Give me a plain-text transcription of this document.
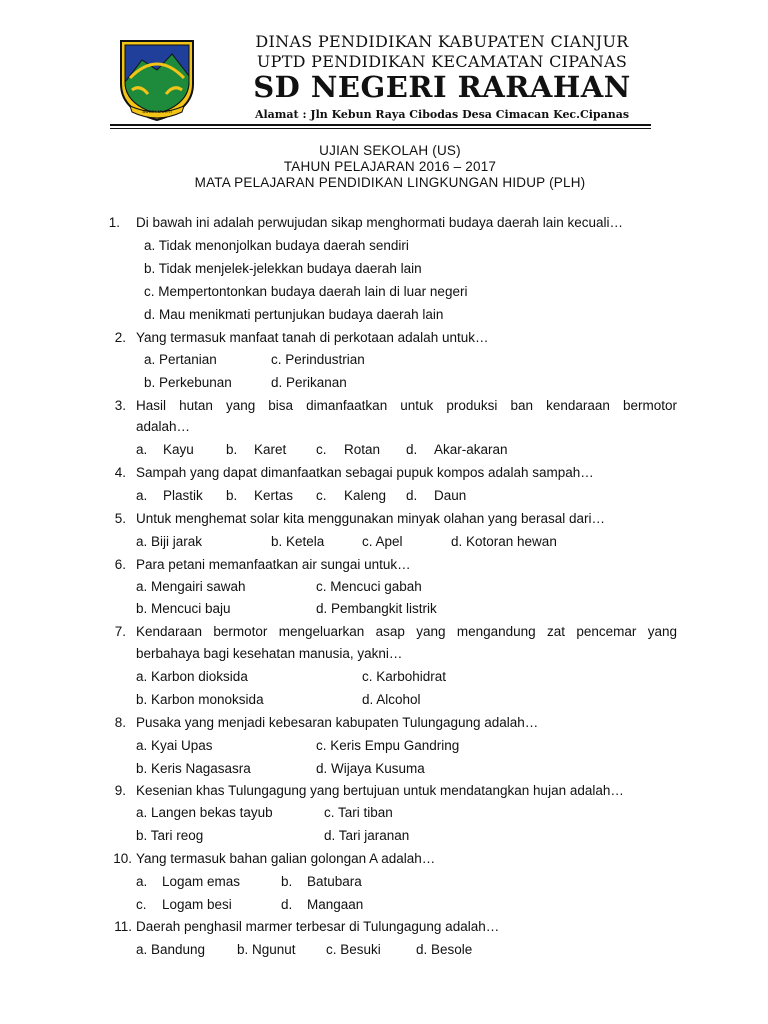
SUGIH MUKTI
DINAS PENDIDIKAN KABUPATEN CIANJUR
UPTD PENDIDIKAN KECAMATAN CIPANAS
SD NEGERI RARAHAN
Alamat : Jln Kebun Raya Cibodas Desa Cimacan Kec.Cipanas
UJIAN SEKOLAH (US)
TAHUN PELAJARAN 2016 – 2017
MATA PELAJARAN PENDIDIKAN LINGKUNGAN HIDUP (PLH)
1. Di bawah ini adalah perwujudan sikap menghormati budaya daerah lain kecuali…
a. Tidak menonjolkan budaya daerah sendiri
b. Tidak menjelek-jelekkan budaya daerah lain
c. Mempertontonkan budaya daerah lain di luar negeri
d. Mau menikmati pertunjukan budaya daerah lain
2. Yang termasuk manfaat tanah di perkotaan adalah untuk…
a. Pertanian	c. Perindustrian
b. Perkebunan	d. Perikanan
3. Hasil hutan yang bisa dimanfaatkan untuk produksi ban kendaraan bermotor
adalah…
a. Kayu b. Karet c. Rotan d. Akar-akaran
4. Sampah yang dapat dimanfaatkan sebagai pupuk kompos adalah sampah…
a. Plastik b. Kertas c. Kaleng d. Daun
5. Untuk menghemat solar kita menggunakan minyak olahan yang berasal dari…
a. Biji jarak	b. Ketela	c. Apel	d. Kotoran hewan
6. Para petani memanfaatkan air sungai untuk…
a. Mengairi sawah	c. Mencuci gabah
b. Mencuci baju	d. Pembangkit listrik
7. Kendaraan bermotor mengeluarkan asap yang mengandung zat pencemar yang
berbahaya bagi kesehatan manusia, yakni…
a. Karbon dioksida	c. Karbohidrat
b. Karbon monoksida	d. Alcohol
8. Pusaka yang menjadi kebesaran kabupaten Tulungagung adalah…
a. Kyai Upas	c. Keris Empu Gandring
b. Keris Nagasasra	d. Wijaya Kusuma
9. Kesenian khas Tulungagung yang bertujuan untuk mendatangkan hujan adalah…
a. Langen bekas tayub	c. Tari tiban
b. Tari reog	d. Tari jaranan
10. Yang termasuk bahan galian golongan A adalah…
a. Logam emas	b. Batubara
c. Logam besi	d. Mangaan
11. Daerah penghasil marmer terbesar di Tulungagung adalah…
a. Bandung b. Ngunut c. Besuki	d. Besole
